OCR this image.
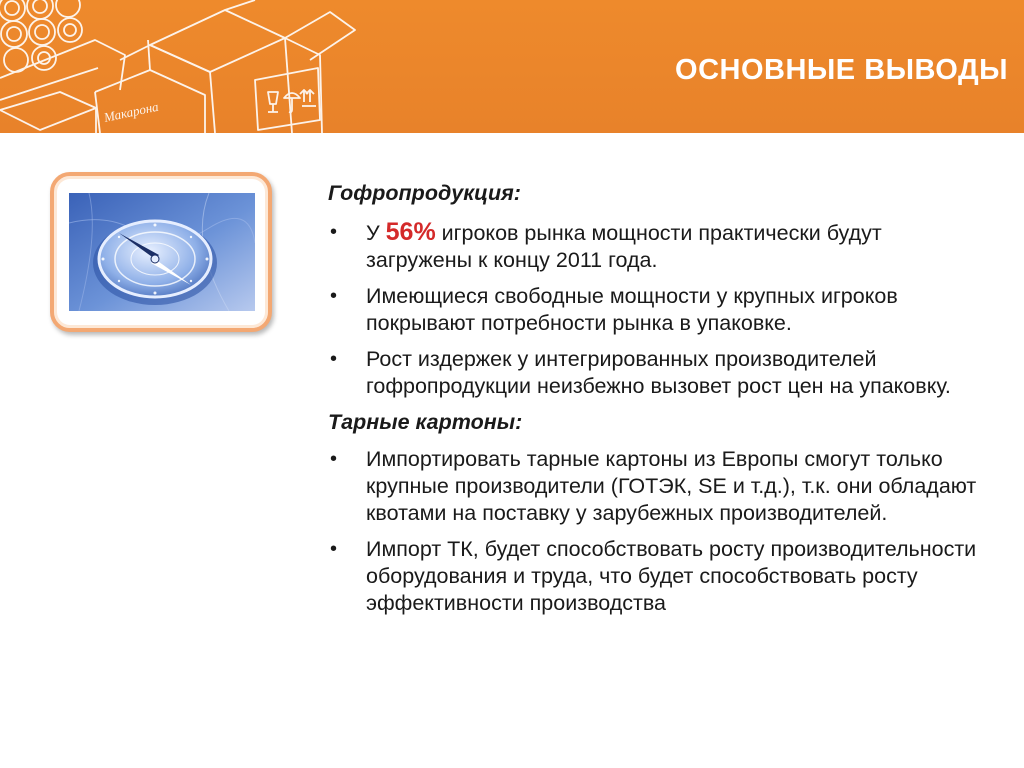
Макарона
ОСНОВНЫЕ ВЫВОДЫ

Гофропродукция:

• У 56% игроков рынка мощности практически будут загружены к концу 2011 года.
• Имеющиеся свободные мощности у крупных игроков покрывают потребности рынка в упаковке.
• Рост издержек у интегрированных производителей гофропродукции неизбежно вызовет рост цен на упаковку.

Тарные картоны:

• Импортировать тарные картоны из Европы смогут только крупные производители (ГОТЭК, SE и т.д.), т.к. они обладают квотами на поставку у зарубежных производителей.
• Импорт ТК, будет способствовать росту производительности оборудования и труда, что будет способствовать росту эффективности производства
